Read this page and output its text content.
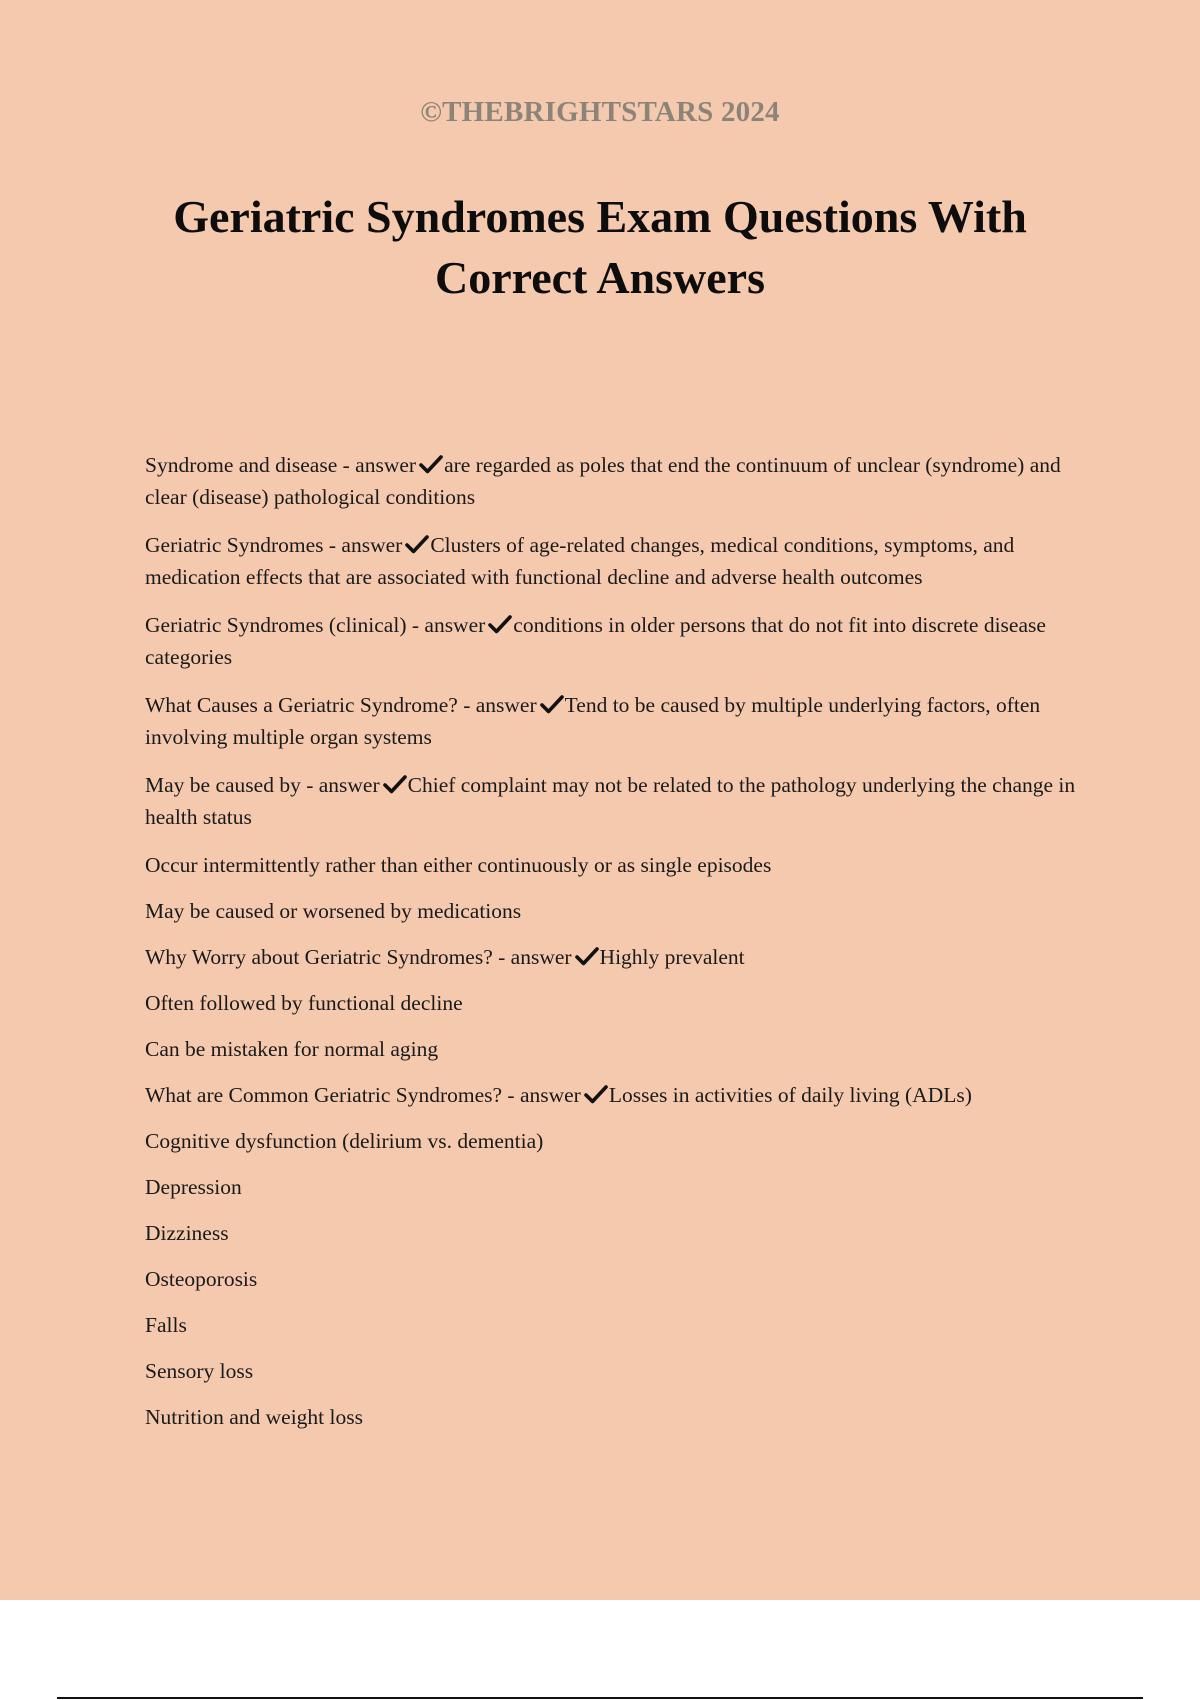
©THEBRIGHTSTARS 2024
Geriatric Syndromes Exam Questions With Correct Answers
Syndrome and disease - answer are regarded as poles that end the continuum of unclear (syndrome) and clear (disease) pathological conditions
Geriatric Syndromes - answer Clusters of age-related changes, medical conditions, symptoms, and medication effects that are associated with functional decline and adverse health outcomes
Geriatric Syndromes (clinical) - answer conditions in older persons that do not fit into discrete disease categories
What Causes a Geriatric Syndrome? - answer Tend to be caused by multiple underlying factors, often involving multiple organ systems
May be caused by - answer Chief complaint may not be related to the pathology underlying the change in health status
Occur intermittently rather than either continuously or as single episodes
May be caused or worsened by medications
Why Worry about Geriatric Syndromes? - answer Highly prevalent
Often followed by functional decline
Can be mistaken for normal aging
What are Common Geriatric Syndromes? - answer Losses in activities of daily living (ADLs)
Cognitive dysfunction (delirium vs. dementia)
Depression
Dizziness
Osteoporosis
Falls
Sensory loss
Nutrition and weight loss
